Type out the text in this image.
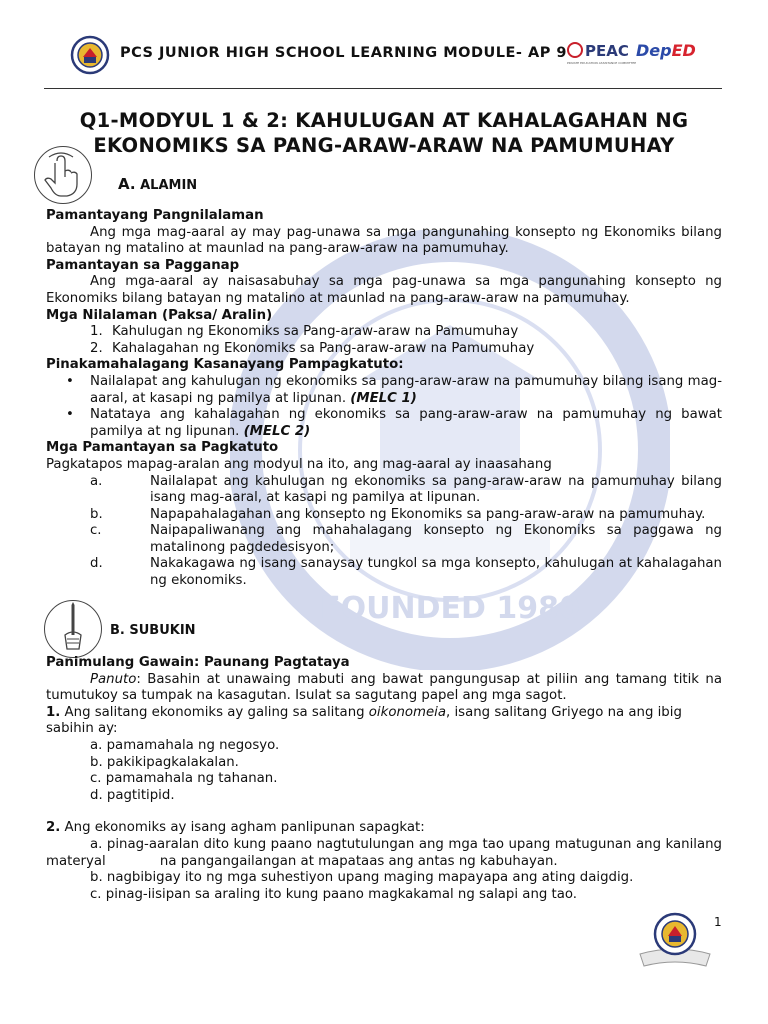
FOUNDED 1980
PCS JUNIOR HIGH SCHOOL LEARNING MODULE- AP 9	PEAC
PRIVATE EDUCATION ASSISTANCE COMMITTEE
DepED
Q1-MODYUL 1 & 2: KAHULUGAN AT KAHALAGAHAN NG
EKONOMIKS SA PANG-ARAW-ARAW NA PAMUMUHAY
A. ALAMIN

Pamantayang Pangnilalaman

Ang mga mag-aaral ay may pag-unawa sa mga pangunahing konsepto ng Ekonomiks bilang batayan ng matalino at maunlad na pang-araw-araw na pamumuhay.

Pamantayan sa Pagganap

Ang mga-aaral ay naisasabuhay sa mga pag-unawa sa mga pangunahing konsepto ng Ekonomiks bilang batayan ng matalino at maunlad na pang-araw-araw na pamumuhay.

Mga Nilalaman (Paksa/ Aralin)

1. Kahulugan ng Ekonomiks sa Pang-araw-araw na Pamumuhay

2. Kahalagahan ng Ekonomiks sa Pang-araw-araw na Pamumuhay

Pinakamahalagang Kasanayang Pampagkatuto:

• Nailalapat ang kahulugan ng ekonomiks sa pang-araw-araw na pamumuhay bilang isang mag-aaral, at kasapi ng pamilya at lipunan. (MELC 1)

• Natataya ang kahalagahan ng ekonomiks sa pang-araw-araw na pamumuhay ng bawat pamilya at ng lipunan. (MELC 2)

Mga Pamantayan sa Pagkatuto

Pagkatapos mapag-aralan ang modyul na ito, ang mag-aaral ay inaasahang

a.	Nailalapat ang kahulugan ng ekonomiks sa pang-araw-araw na pamumuhay bilang isang mag-aaral, at kasapi ng pamilya at lipunan.
b.	Napapahalagahan ang konsepto ng Ekonomiks sa pang-araw-araw na pamumuhay.
c.	Naipapaliwanang ang mahahalagang konsepto ng Ekonomiks sa paggawa ng matalinong pagdedesisyon;
d.	Nakakagawa ng isang sanaysay tungkol sa mga konsepto, kahulugan at kahalagahan ng ekonomiks.
B. SUBUKIN

Panimulang Gawain: Paunang Pagtataya

Panuto: Basahin at unawaing mabuti ang bawat pangungusap at piliin ang tamang titik na tumutukoy sa tumpak na kasagutan. Isulat sa sagutang papel ang mga sagot.

1. Ang salitang ekonomiks ay galing sa salitang oikonomeia, isang salitang Griyego na ang ibig sabihin ay:

a. pamamahala ng negosyo.

b. pakikipagkalakalan.

c. pamamahala ng tahanan.

d. pagtitipid.

2. Ang ekonomiks ay isang agham panlipunan sapagkat:

a. pinag-aaralan dito kung paano nagtutulungan ang mga tao upang matugunan ang kanilang materyal	na pangangailangan at mapataas ang antas ng kabuhayan.

b. nagbibigay ito ng mga suhestiyon upang maging mapayapa ang ating daigdig.

c. pinag-iisipan sa araling ito kung paano magkakamal ng salapi ang tao.

1
